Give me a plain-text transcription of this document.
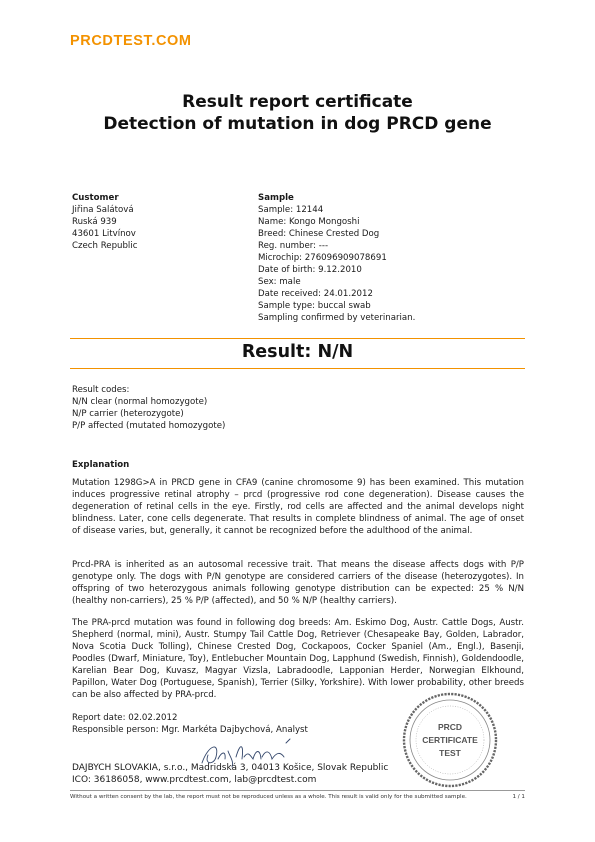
PRCDTEST.COM
Result report certificate
Detection of mutation in dog PRCD gene
Customer
Jiřina Salátová
Ruská 939
43601 Litvínov
Czech Republic
Sample
Sample: 12144
Name: Kongo Mongoshi
Breed: Chinese Crested Dog
Reg. number: ---
Microchip: 276096909078691
Date of birth: 9.12.2010
Sex: male
Date received: 24.01.2012
Sample type: buccal swab
Sampling confirmed by veterinarian.
Result: N/N
Result codes:
N/N clear (normal homozygote)
N/P carrier (heterozygote)
P/P affected (mutated homozygote)
Explanation
Mutation 1298G>A in PRCD gene in CFA9 (canine chromosome 9) has been examined. This mutation induces progressive retinal atrophy – prcd (progressive rod cone degeneration). Disease causes the degeneration of retinal cells in the eye. Firstly, rod cells are affected and the animal develops night blindness. Later, cone cells degenerate. That results in complete blindness of animal. The age of onset of disease varies, but, generally, it cannot be recognized before the adulthood of the animal.
Prcd-PRA is inherited as an autosomal recessive trait. That means the disease affects dogs with P/P genotype only. The dogs with P/N genotype are considered carriers of the disease (heterozygotes). In offspring of two heterozygous animals following genotype distribution can be expected: 25 % N/N (healthy non-carriers), 25 % P/P (affected), and 50 % N/P (healthy carriers).
The PRA-prcd mutation was found in following dog breeds: Am. Eskimo Dog, Austr. Cattle Dogs, Austr. Shepherd (normal, mini), Austr. Stumpy Tail Cattle Dog, Retriever (Chesapeake Bay, Golden, Labrador, Nova Scotia Duck Tolling), Chinese Crested Dog, Cockapoos, Cocker Spaniel (Am., Engl.), Basenji, Poodles (Dwarf, Miniature, Toy), Entlebucher Mountain Dog, Lapphund (Swedish, Finnish), Goldendoodle, Karelian Bear Dog, Kuvasz, Magyar Vizsla, Labradoodle, Lapponian Herder, Norwegian Elkhound, Papillon, Water Dog (Portuguese, Spanish), Terrier (Silky, Yorkshire). With lower probability, other breeds can be also affected by PRA-prcd.
Report date: 02.02.2012
Responsible person: Mgr. Markéta Dajbychová, Analyst
DAJBYCH SLOVAKIA, s.r.o., Madridská 3, 04013 Košice, Slovak Republic
ICO: 36186058, www.prcdtest.com, lab@prcdtest.com
PRCD
CERTIFICATE
TEST
Without a written consent by the lab, the report must not be reproduced unless as a whole. This result is valid only for the submitted sample.	1 / 1
